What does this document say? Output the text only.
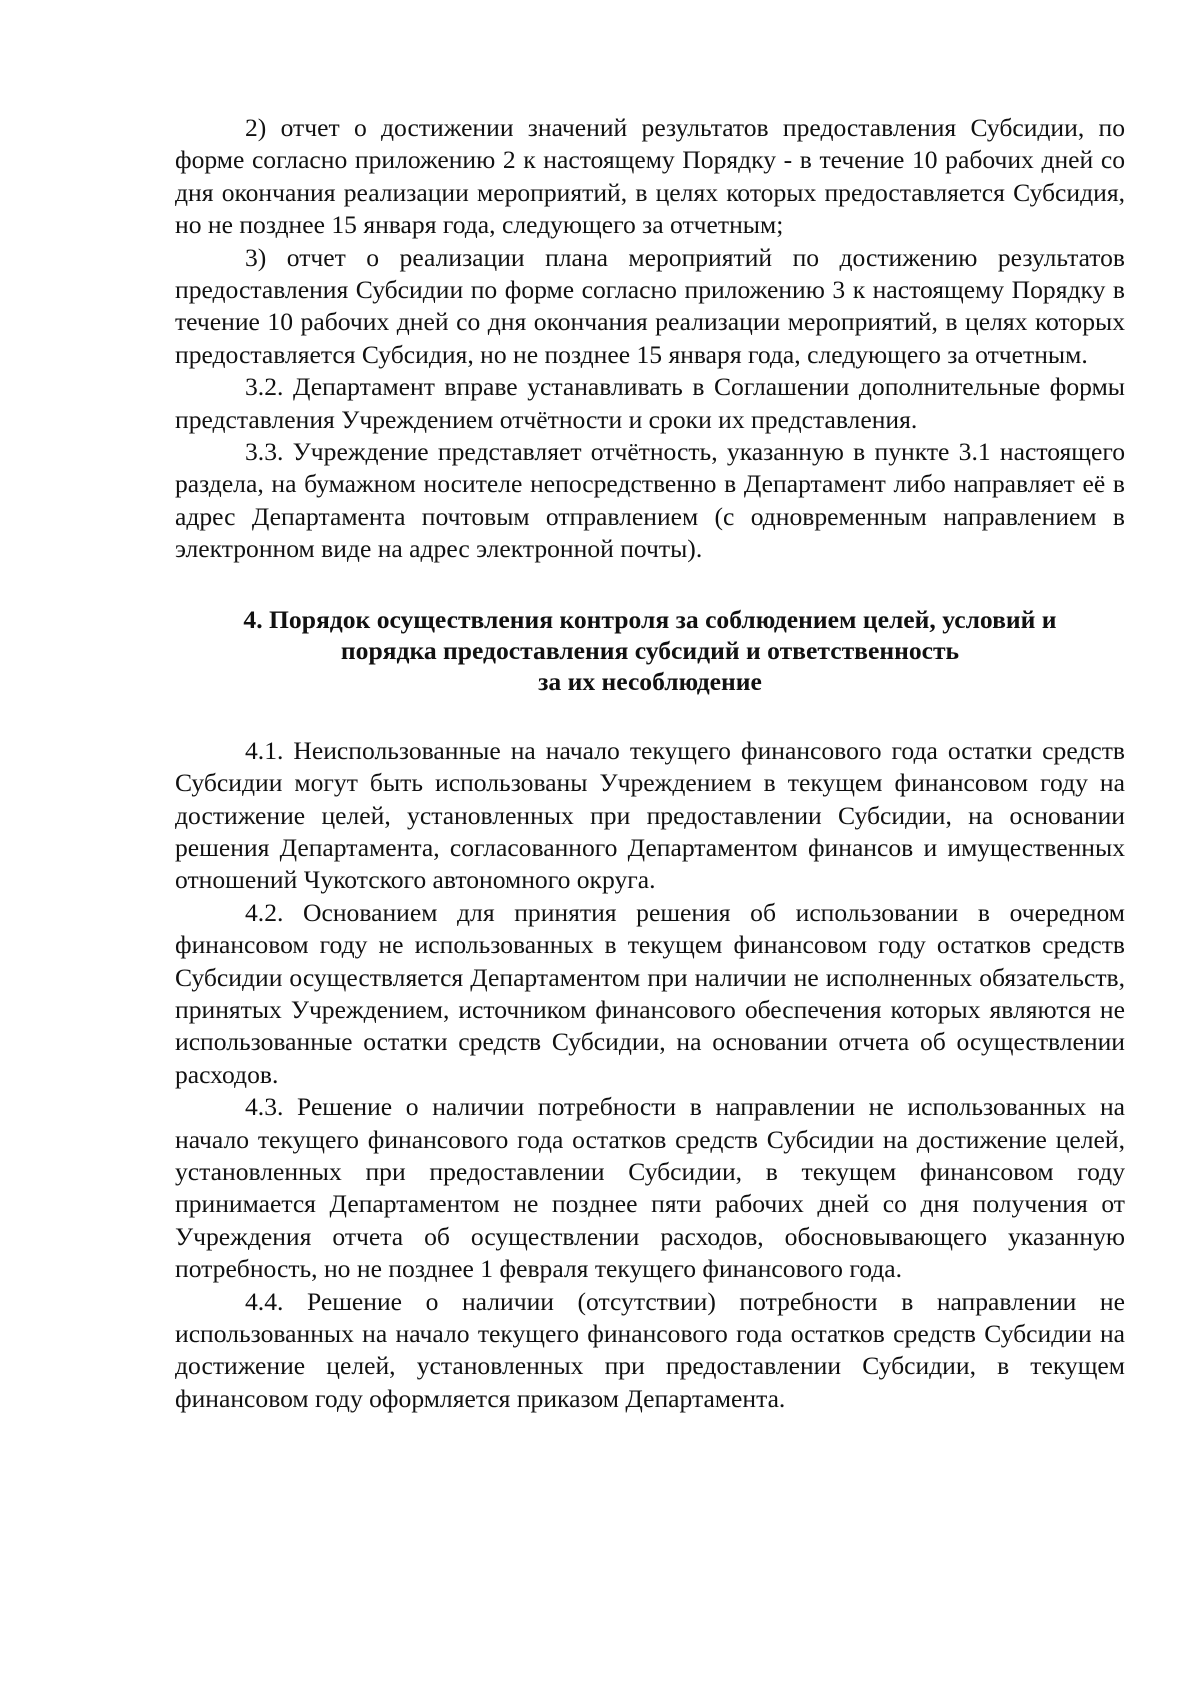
2) отчет о достижении значений результатов предоставления Субсидии, по форме согласно приложению 2 к настоящему Порядку - в течение 10 рабочих дней со дня окончания реализации мероприятий, в целях которых предоставляется Субсидия, но не позднее 15 января года, следующего за отчетным;

3) отчет о реализации плана мероприятий по достижению результатов предоставления Субсидии по форме согласно приложению 3 к настоящему Порядку в течение 10 рабочих дней со дня окончания реализации мероприятий, в целях которых предоставляется Субсидия, но не позднее 15 января года, следующего за отчетным.

3.2. Департамент вправе устанавливать в Соглашении дополнительные формы представления Учреждением отчётности и сроки их представления.

3.3. Учреждение представляет отчётность, указанную в пункте 3.1 настоящего раздела, на бумажном носителе непосредственно в Департамент либо направляет её в адрес Департамента почтовым отправлением (с одновременным направлением в электронном виде на адрес электронной почты).

4. Порядок осуществления контроля за соблюдением целей, условий и
порядка предоставления субсидий и ответственность
за их несоблюдение

4.1. Неиспользованные на начало текущего финансового года остатки средств Субсидии могут быть использованы Учреждением в текущем финансовом году на достижение целей, установленных при предоставлении Субсидии, на основании решения Департамента, согласованного Департаментом финансов и имущественных отношений Чукотского автономного округа.

4.2. Основанием для принятия решения об использовании в очередном финансовом году не использованных в текущем финансовом году остатков средств Субсидии осуществляется Департаментом при наличии не исполненных обязательств, принятых Учреждением, источником финансового обеспечения которых являются не использованные остатки средств Субсидии, на основании отчета об осуществлении расходов.

4.3. Решение о наличии потребности в направлении не использованных на начало текущего финансового года остатков средств Субсидии на достижение целей, установленных при предоставлении Субсидии, в текущем финансовом году принимается Департаментом не позднее пяти рабочих дней со дня получения от Учреждения отчета об осуществлении расходов, обосновывающего указанную потребность, но не позднее 1 февраля текущего финансового года.

4.4. Решение о наличии (отсутствии) потребности в направлении не использованных на начало текущего финансового года остатков средств Субсидии на достижение целей, установленных при предоставлении Субсидии, в текущем финансовом году оформляется приказом Департамента.
